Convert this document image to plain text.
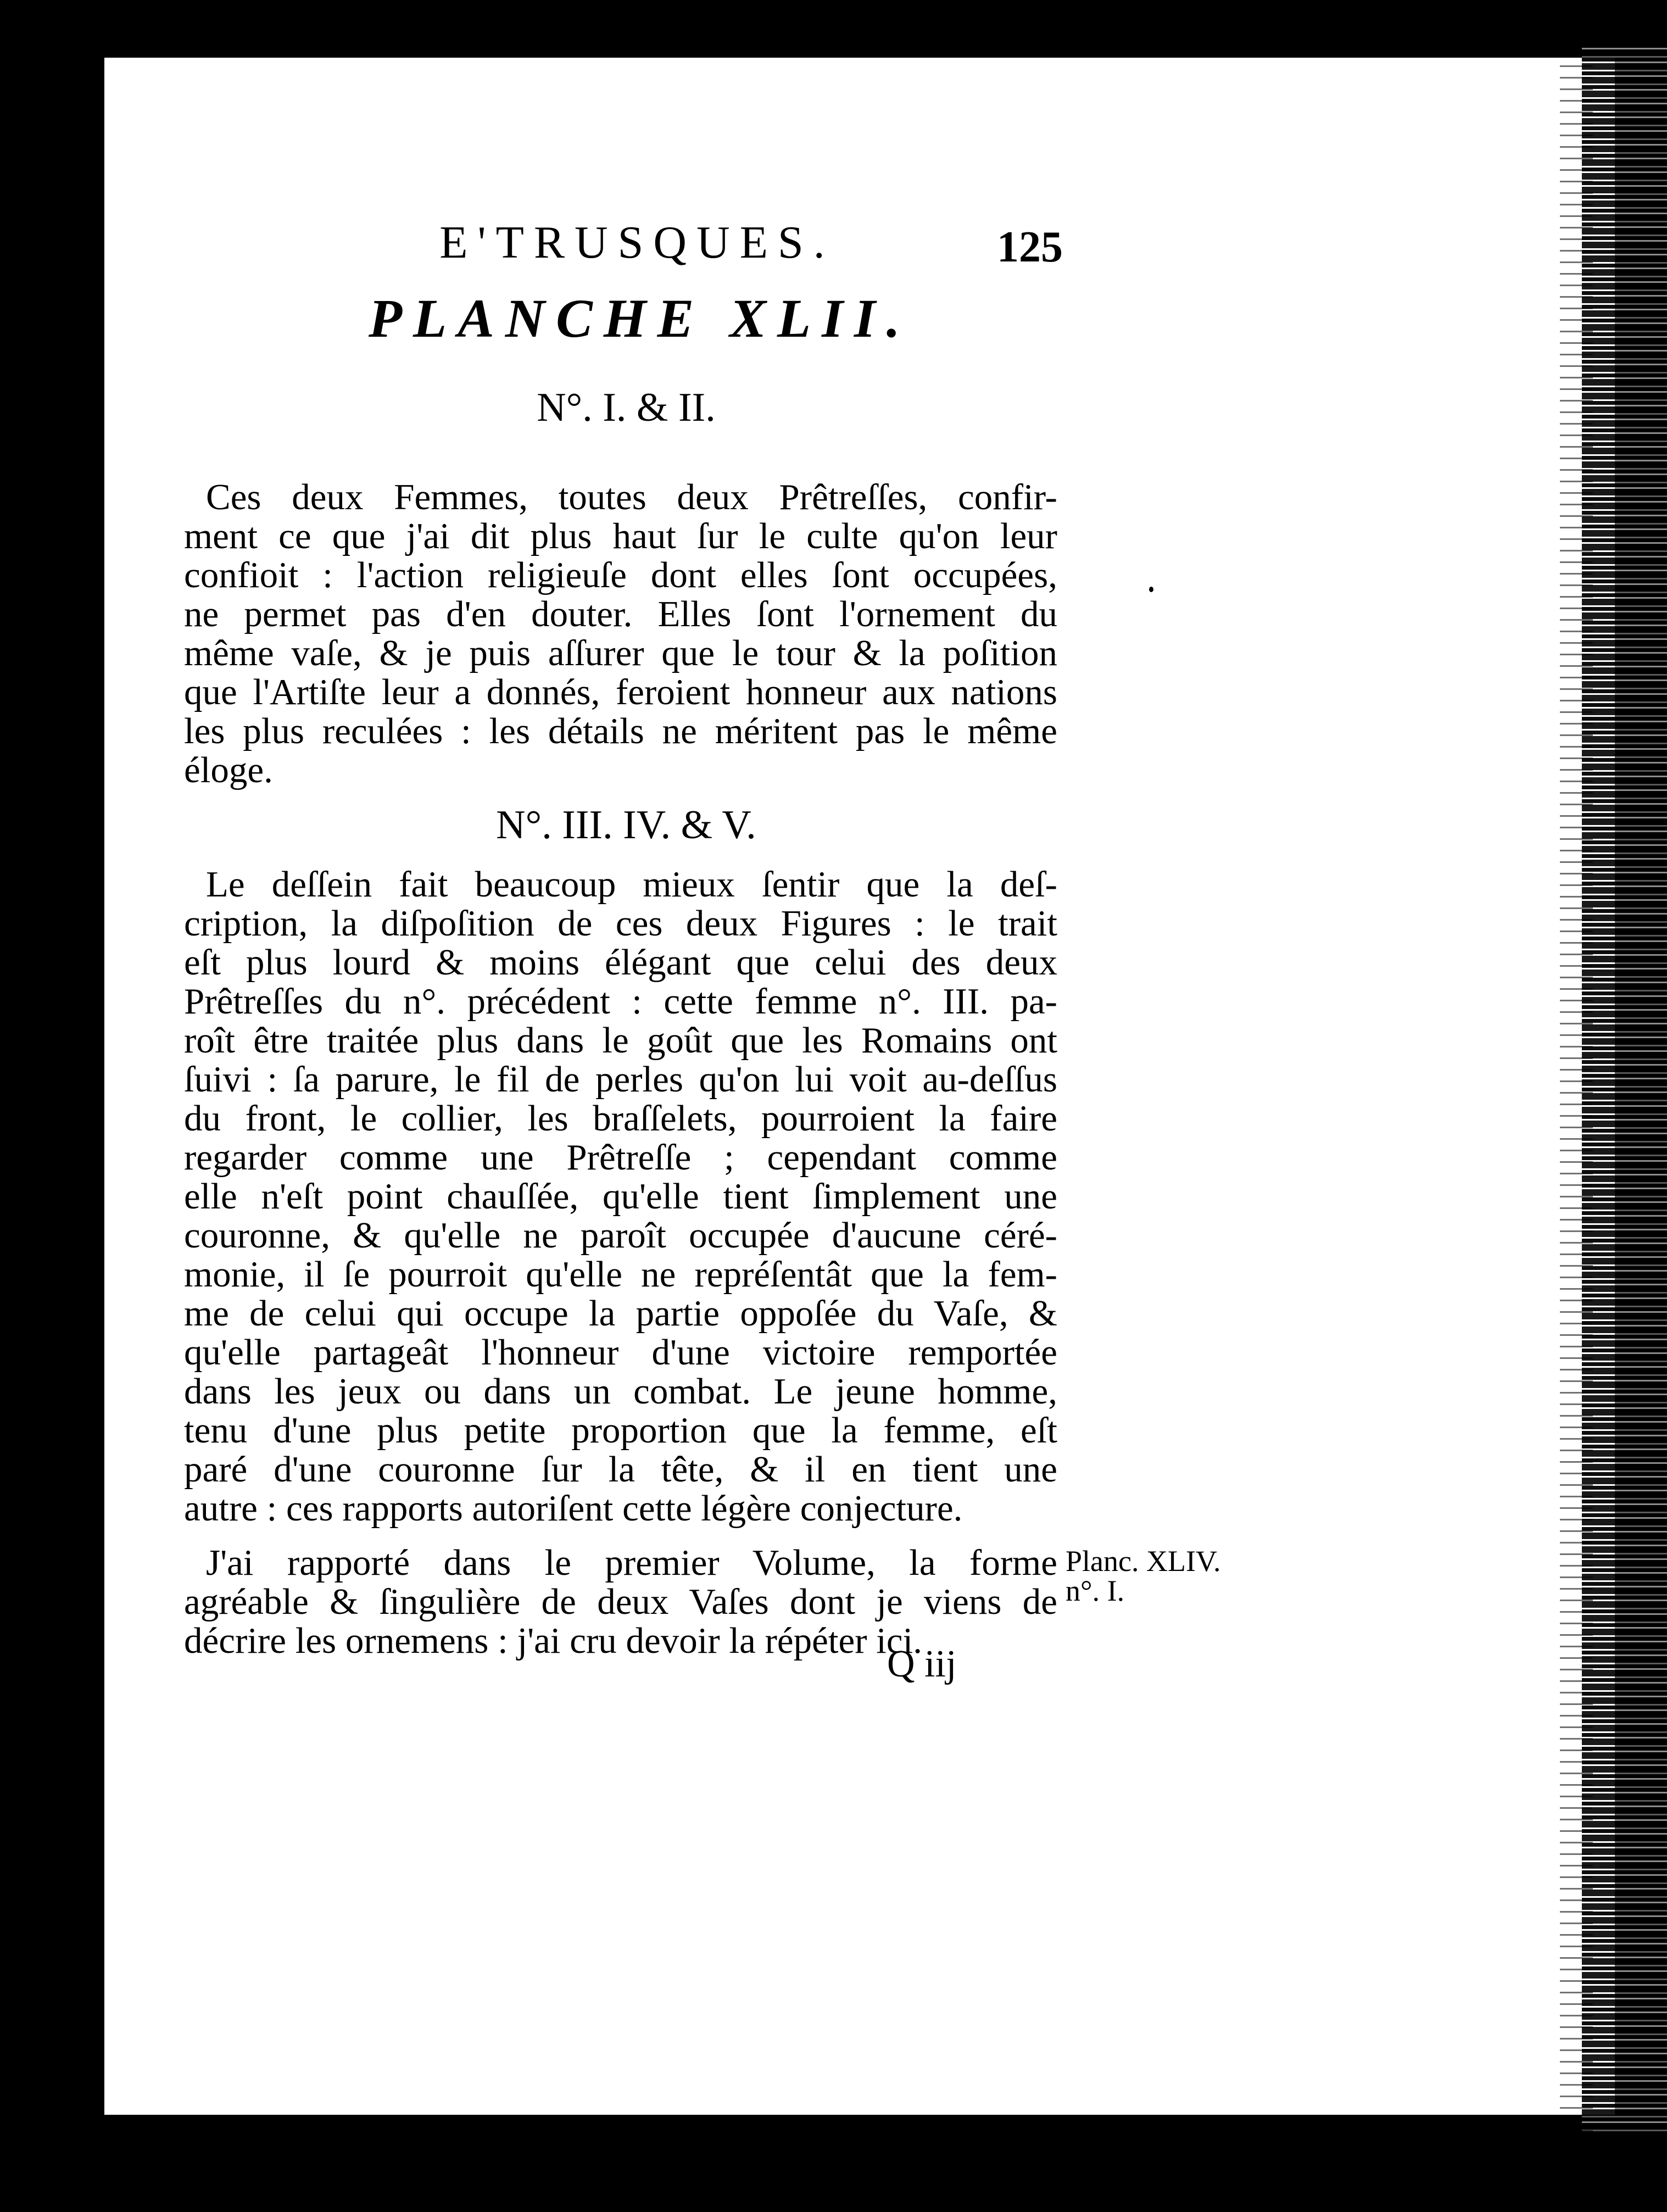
E'TRUSQUES.	125
PLANCHE XLII.
N°. I. & II.

Ces deux Femmes, toutes deux Prêtreſſes, confir-
ment ce que j'ai dit plus haut ſur le culte qu'on leur
confioit : l'action religieuſe dont elles ſont occupées,
ne permet pas d'en douter. Elles ſont l'ornement du
même vaſe, & je puis aſſurer que le tour & la poſition
que l'Artiſte leur a donnés, feroient honneur aux nations
les plus reculées : les détails ne méritent pas le même
éloge.

N°. III. IV. & V.

Le deſſein fait beaucoup mieux ſentir que la deſ-
cription, la diſpoſition de ces deux Figures : le trait
eſt plus lourd & moins élégant que celui des deux
Prêtreſſes du n°. précédent : cette femme n°. III. pa-
roît être traitée plus dans le goût que les Romains ont
ſuivi : ſa parure, le fil de perles qu'on lui voit au-deſſus
du front, le collier, les braſſelets, pourroient la faire
regarder comme une Prêtreſſe ; cependant comme
elle n'eſt point chauſſée, qu'elle tient ſimplement une
couronne, & qu'elle ne paroît occupée d'aucune céré-
monie, il ſe pourroit qu'elle ne repréſentât que la fem-
me de celui qui occupe la partie oppoſée du Vaſe, &
qu'elle partageât l'honneur d'une victoire remportée
dans les jeux ou dans un combat. Le jeune homme,
tenu d'une plus petite proportion que la femme, eſt
paré d'une couronne ſur la tête, & il en tient une
autre : ces rapports autoriſent cette légère conjecture.

J'ai rapporté dans le premier Volume, la forme
agréable & ſingulière de deux Vaſes dont je viens de
décrire les ornemens : j'ai cru devoir la répéter ici.

Planc. XLIV.
n°. I.
Q iij
